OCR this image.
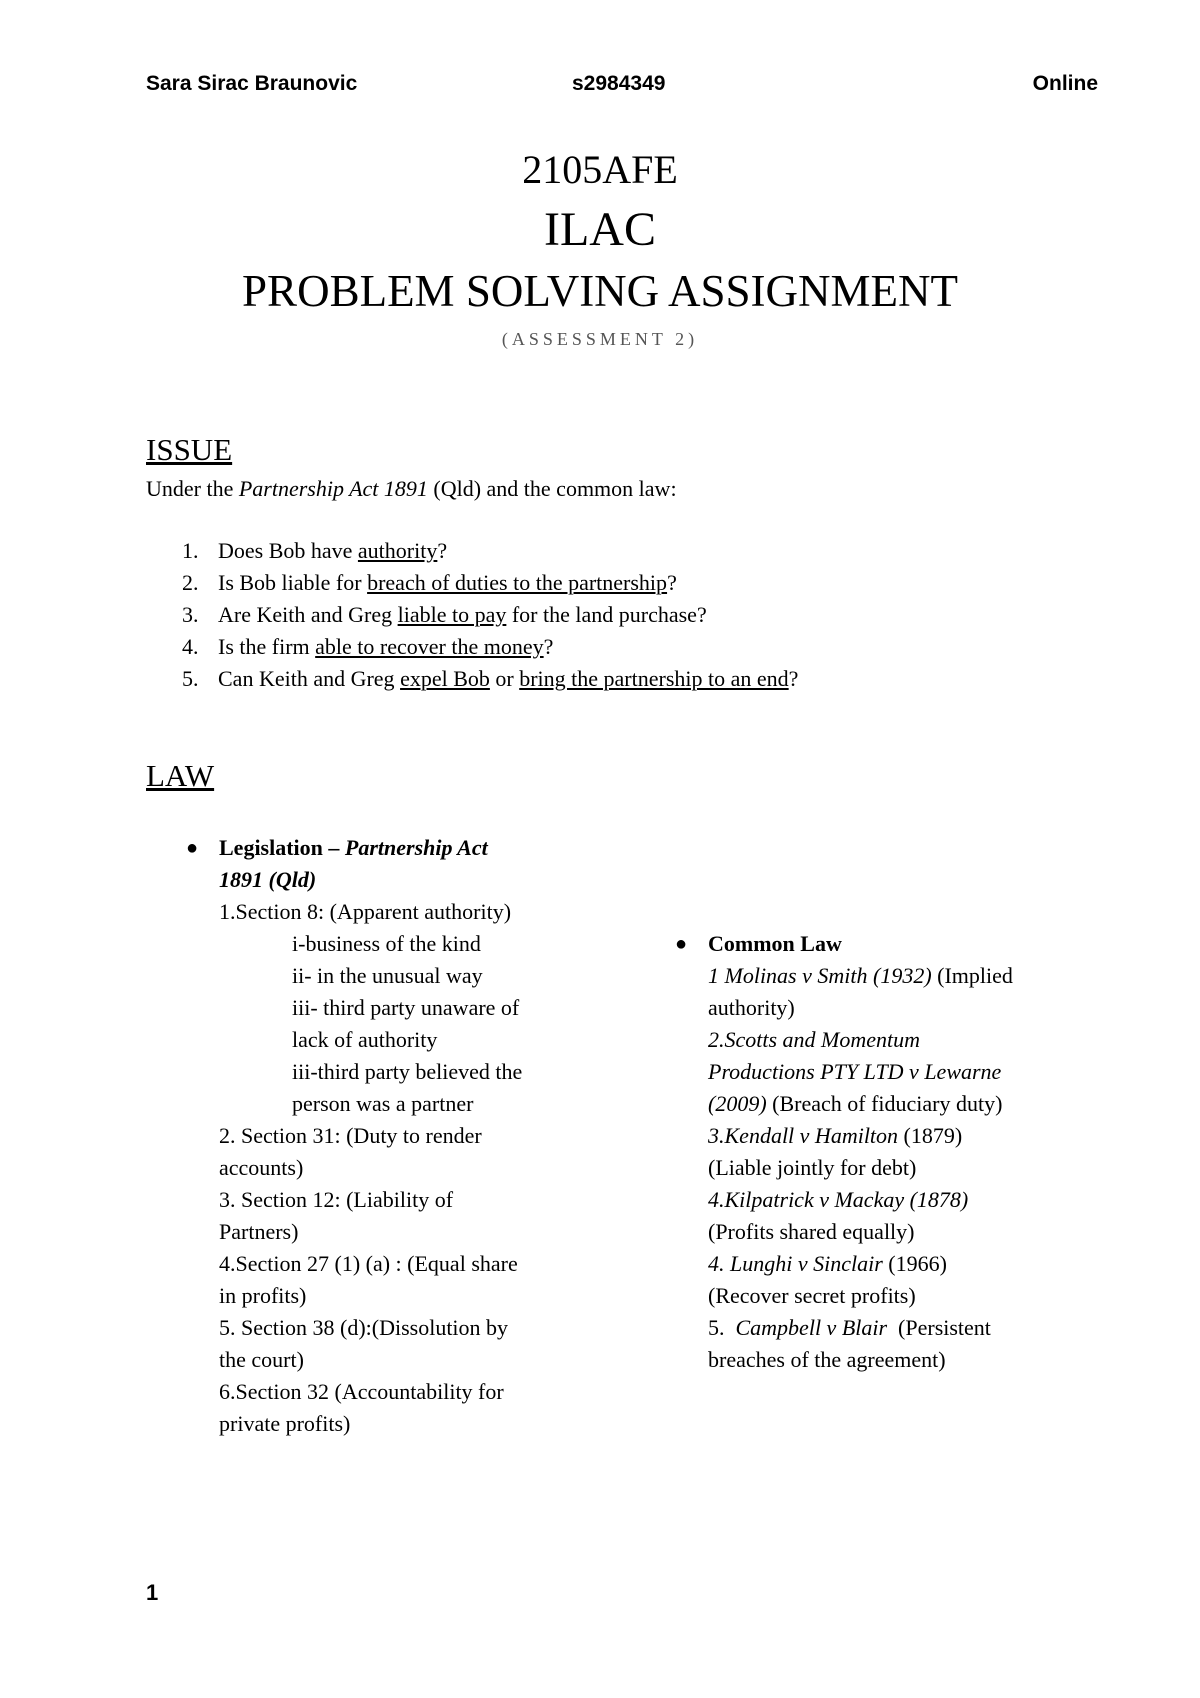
Sara Sirac Braunovic	s2984349	Online
2105AFE
ILAC
PROBLEM SOLVING ASSIGNMENT
(ASSESSMENT 2)
ISSUE
Under the Partnership Act 1891 (Qld) and the common law:
1. Does Bob have authority?
2. Is Bob liable for breach of duties to the partnership?
3. Are Keith and Greg liable to pay for the land purchase?
4. Is the firm able to recover the money?
5. Can Keith and Greg expel Bob or bring the partnership to an end?
LAW
● Legislation – Partnership Act
1891 (Qld)
1.Section 8: (Apparent authority)
i-business of the kind
ii- in the unusual way
iii- third party unaware of
lack of authority
iii-third party believed the
person was a partner
2. Section 31: (Duty to render
accounts)
3. Section 12: (Liability of
Partners)
4.Section 27 (1) (a) : (Equal share
in profits)
5. Section 38 (d):(Dissolution by
the court)
6.Section 32 (Accountability for
private profits)
● Common Law
1 Molinas v Smith (1932) (Implied
authority)
2.Scotts and Momentum
Productions PTY LTD v Lewarne
(2009) (Breach of fiduciary duty)
3.Kendall v Hamilton (1879)
(Liable jointly for debt)
4.Kilpatrick v Mackay (1878)
(Profits shared equally)
4. Lunghi v Sinclair (1966)
(Recover secret profits)
5.  Campbell v Blair  (Persistent
breaches of the agreement)
1
